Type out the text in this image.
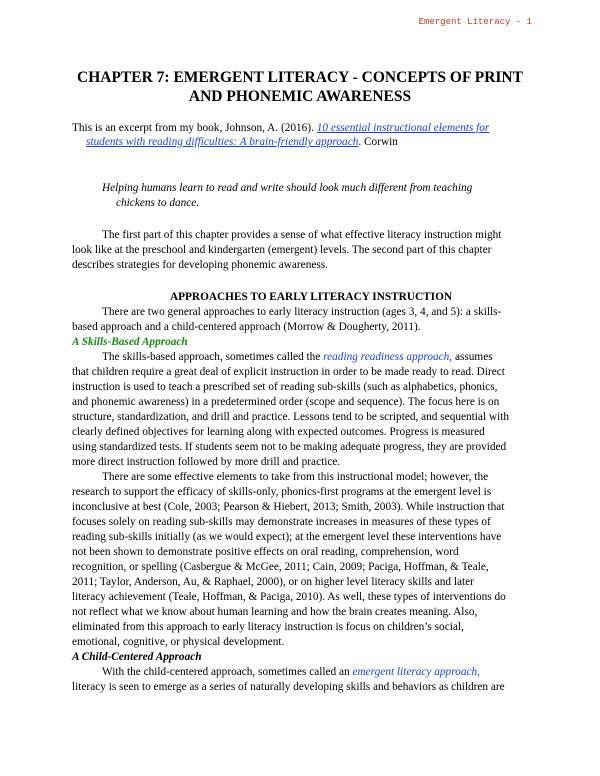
Emergent Literacy - 1
CHAPTER 7: EMERGENT LITERACY - CONCEPTS OF PRINT
AND PHONEMIC AWARENESS
This is an excerpt from my book, Johnson, A. (2016). 10 essential instructional elements for
students with reading difficulties: A brain-friendly approach. Corwin
Helping humans learn to read and write should look much different from teaching
chickens to dance.

The first part of this chapter provides a sense of what effective literacy instruction might
look like at the preschool and kindergarten (emergent) levels. The second part of this chapter
describes strategies for developing phonemic awareness.

APPROACHES TO EARLY LITERACY INSTRUCTION

There are two general approaches to early literacy instruction (ages 3, 4, and 5): a skills-
based approach and a child-centered approach (Morrow & Dougherty, 2011).

A Skills-Based Approach

The skills-based approach, sometimes called the reading readiness approach, assumes
that children require a great deal of explicit instruction in order to be made ready to read. Direct
instruction is used to teach a prescribed set of reading sub-skills (such as alphabetics, phonics,
and phonemic awareness) in a predetermined order (scope and sequence). The focus here is on
structure, standardization, and drill and practice. Lessons tend to be scripted, and sequential with
clearly defined objectives for learning along with expected outcomes. Progress is measured
using standardized tests. If students seem not to be making adequate progress, they are provided
more direct instruction followed by more drill and practice.

There are some effective elements to take from this instructional model; however, the
research to support the efficacy of skills-only, phonics-first programs at the emergent level is
inconclusive at best (Cole, 2003; Pearson & Hiebert, 2013; Smith, 2003). While instruction that
focuses solely on reading sub-skills may demonstrate increases in measures of these types of
reading sub-skills initially (as we would expect); at the emergent level these interventions have
not been shown to demonstrate positive effects on oral reading, comprehension, word
recognition, or spelling (Casbergue & McGee, 2011; Cain, 2009; Paciga, Hoffman, & Teale,
2011; Taylor, Anderson, Au, & Raphael, 2000), or on higher level literacy skills and later
literacy achievement (Teale, Hoffman, & Paciga, 2010). As well, these types of interventions do
not reflect what we know about human learning and how the brain creates meaning. Also,
eliminated from this approach to early literacy instruction is focus on children’s social,
emotional, cognitive, or physical development.

A Child-Centered Approach

With the child-centered approach, sometimes called an emergent literacy approach,
literacy is seen to emerge as a series of naturally developing skills and behaviors as children are
